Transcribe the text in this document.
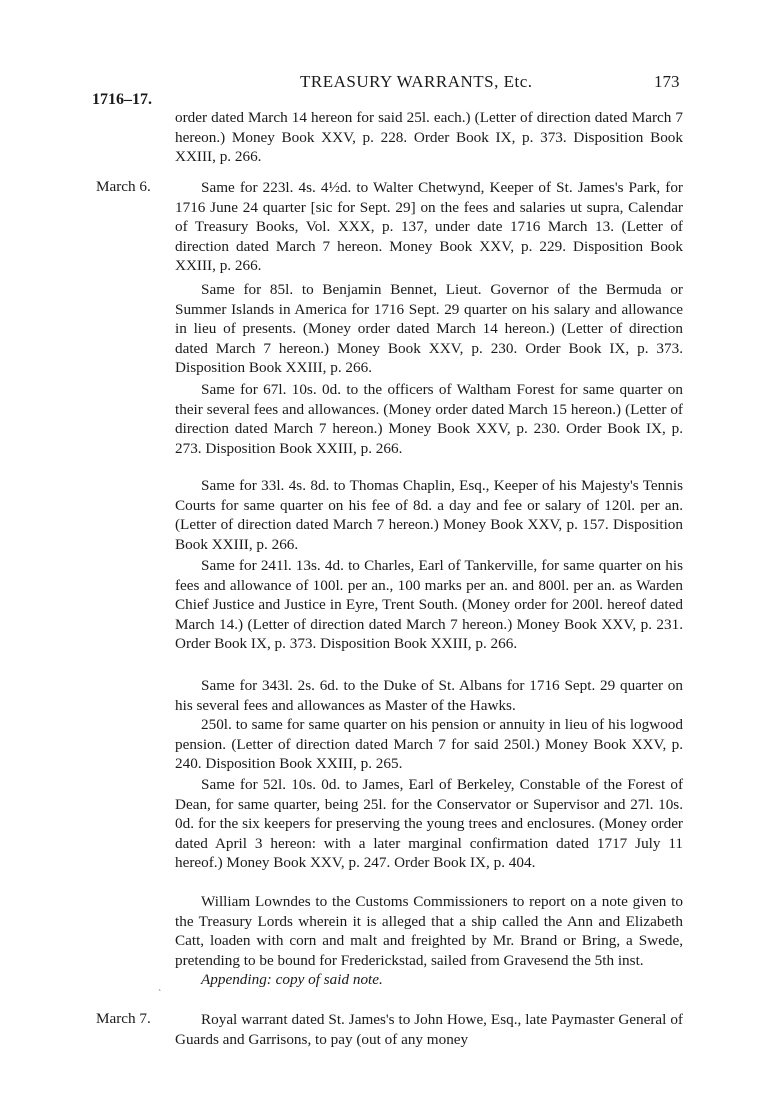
TREASURY WARRANTS, Etc.	173
1716–17.
order dated March 14 hereon for said 25l. each.) (Letter of direction dated March 7 hereon.) Money Book XXV, p. 228. Order Book IX, p. 373. Disposition Book XXIII, p. 266.
March 6.	Same for 223l. 4s. 4½d. to Walter Chetwynd, Keeper of St. James's Park, for 1716 June 24 quarter [sic for Sept. 29] on the fees and salaries ut supra, Calendar of Treasury Books, Vol. XXX, p. 137, under date 1716 March 13. (Letter of direction dated March 7 hereon. Money Book XXV, p. 229. Disposition Book XXIII, p. 266.
Same for 85l. to Benjamin Bennet, Lieut. Governor of the Bermuda or Summer Islands in America for 1716 Sept. 29 quarter on his salary and allowance in lieu of presents. (Money order dated March 14 hereon.) (Letter of direction dated March 7 hereon.) Money Book XXV, p. 230. Order Book IX, p. 373. Disposition Book XXIII, p. 266.
Same for 67l. 10s. 0d. to the officers of Waltham Forest for same quarter on their several fees and allowances. (Money order dated March 15 hereon.) (Letter of direction dated March 7 hereon.) Money Book XXV, p. 230. Order Book IX, p. 273. Disposition Book XXIII, p. 266.
Same for 33l. 4s. 8d. to Thomas Chaplin, Esq., Keeper of his Majesty's Tennis Courts for same quarter on his fee of 8d. a day and fee or salary of 120l. per an. (Letter of direction dated March 7 hereon.) Money Book XXV, p. 157. Disposition Book XXIII, p. 266.
Same for 241l. 13s. 4d. to Charles, Earl of Tankerville, for same quarter on his fees and allowance of 100l. per an., 100 marks per an. and 800l. per an. as Warden Chief Justice and Justice in Eyre, Trent South. (Money order for 200l. hereof dated March 14.) (Letter of direction dated March 7 hereon.) Money Book XXV, p. 231. Order Book IX, p. 373. Disposition Book XXIII, p. 266.
Same for 343l. 2s. 6d. to the Duke of St. Albans for 1716 Sept. 29 quarter on his several fees and allowances as Master of the Hawks.
250l. to same for same quarter on his pension or annuity in lieu of his logwood pension. (Letter of direction dated March 7 for said 250l.) Money Book XXV, p. 240. Disposition Book XXIII, p. 265.
Same for 52l. 10s. 0d. to James, Earl of Berkeley, Constable of the Forest of Dean, for same quarter, being 25l. for the Conservator or Supervisor and 27l. 10s. 0d. for the six keepers for preserving the young trees and enclosures. (Money order dated April 3 hereon: with a later marginal confirmation dated 1717 July 11 hereof.) Money Book XXV, p. 247. Order Book IX, p. 404.
William Lowndes to the Customs Commissioners to report on a note given to the Treasury Lords wherein it is alleged that a ship called the Ann and Elizabeth Catt, loaden with corn and malt and freighted by Mr. Brand or Bring, a Swede, pretending to be bound for Frederickstad, sailed from Gravesend the 5th inst.
Appending: copy of said note.
ˋ
March 7.	Royal warrant dated St. James's to John Howe, Esq., late Paymaster General of Guards and Garrisons, to pay (out of any money
